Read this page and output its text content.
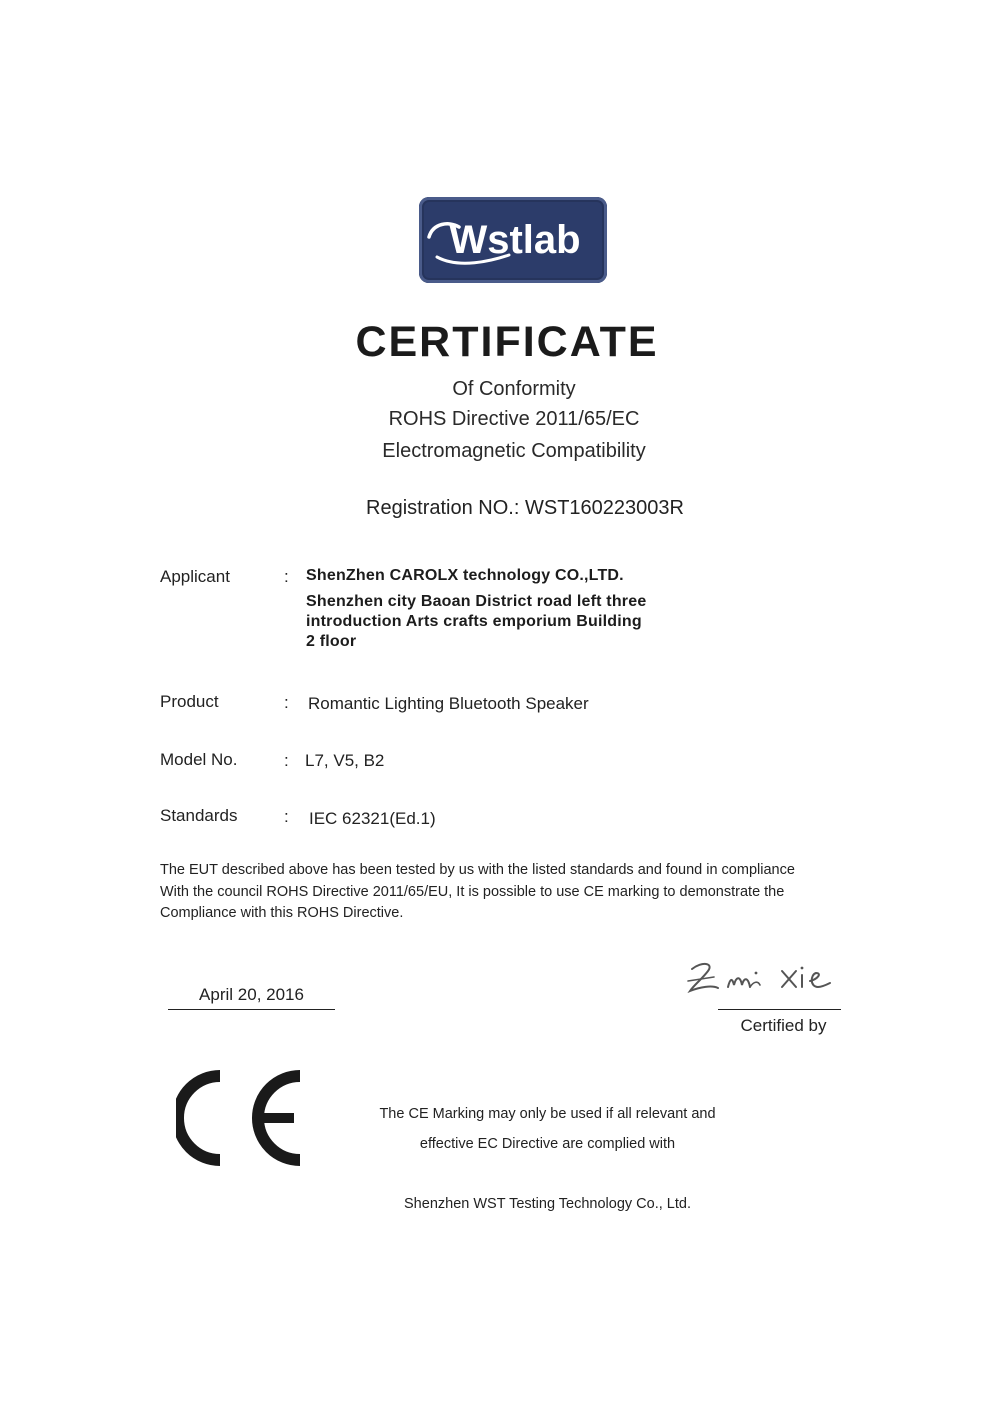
Wstlab
CERTIFICATE
Of Conformity
ROHS Directive 2011/65/EC
Electromagnetic Compatibility
Registration NO.: WST160223003R
Applicant	: ShenZhen CAROLX technology CO.,LTD.
Shenzhen city Baoan District road left three
introduction Arts crafts emporium Building
2 floor
Product	: Romantic Lighting Bluetooth Speaker
Model No.	: L7, V5, B2
Standards	: IEC 62321(Ed.1)
The EUT described above has been tested by us with the listed standards and found in compliance
With the council ROHS Directive 2011/65/EU, It is possible to use CE marking to demonstrate the
Compliance with this ROHS Directive.
April 20, 2016
Certified by
The CE Marking may only be used if all relevant and
effective EC Directive are complied with
Shenzhen WST Testing Technology Co., Ltd.
